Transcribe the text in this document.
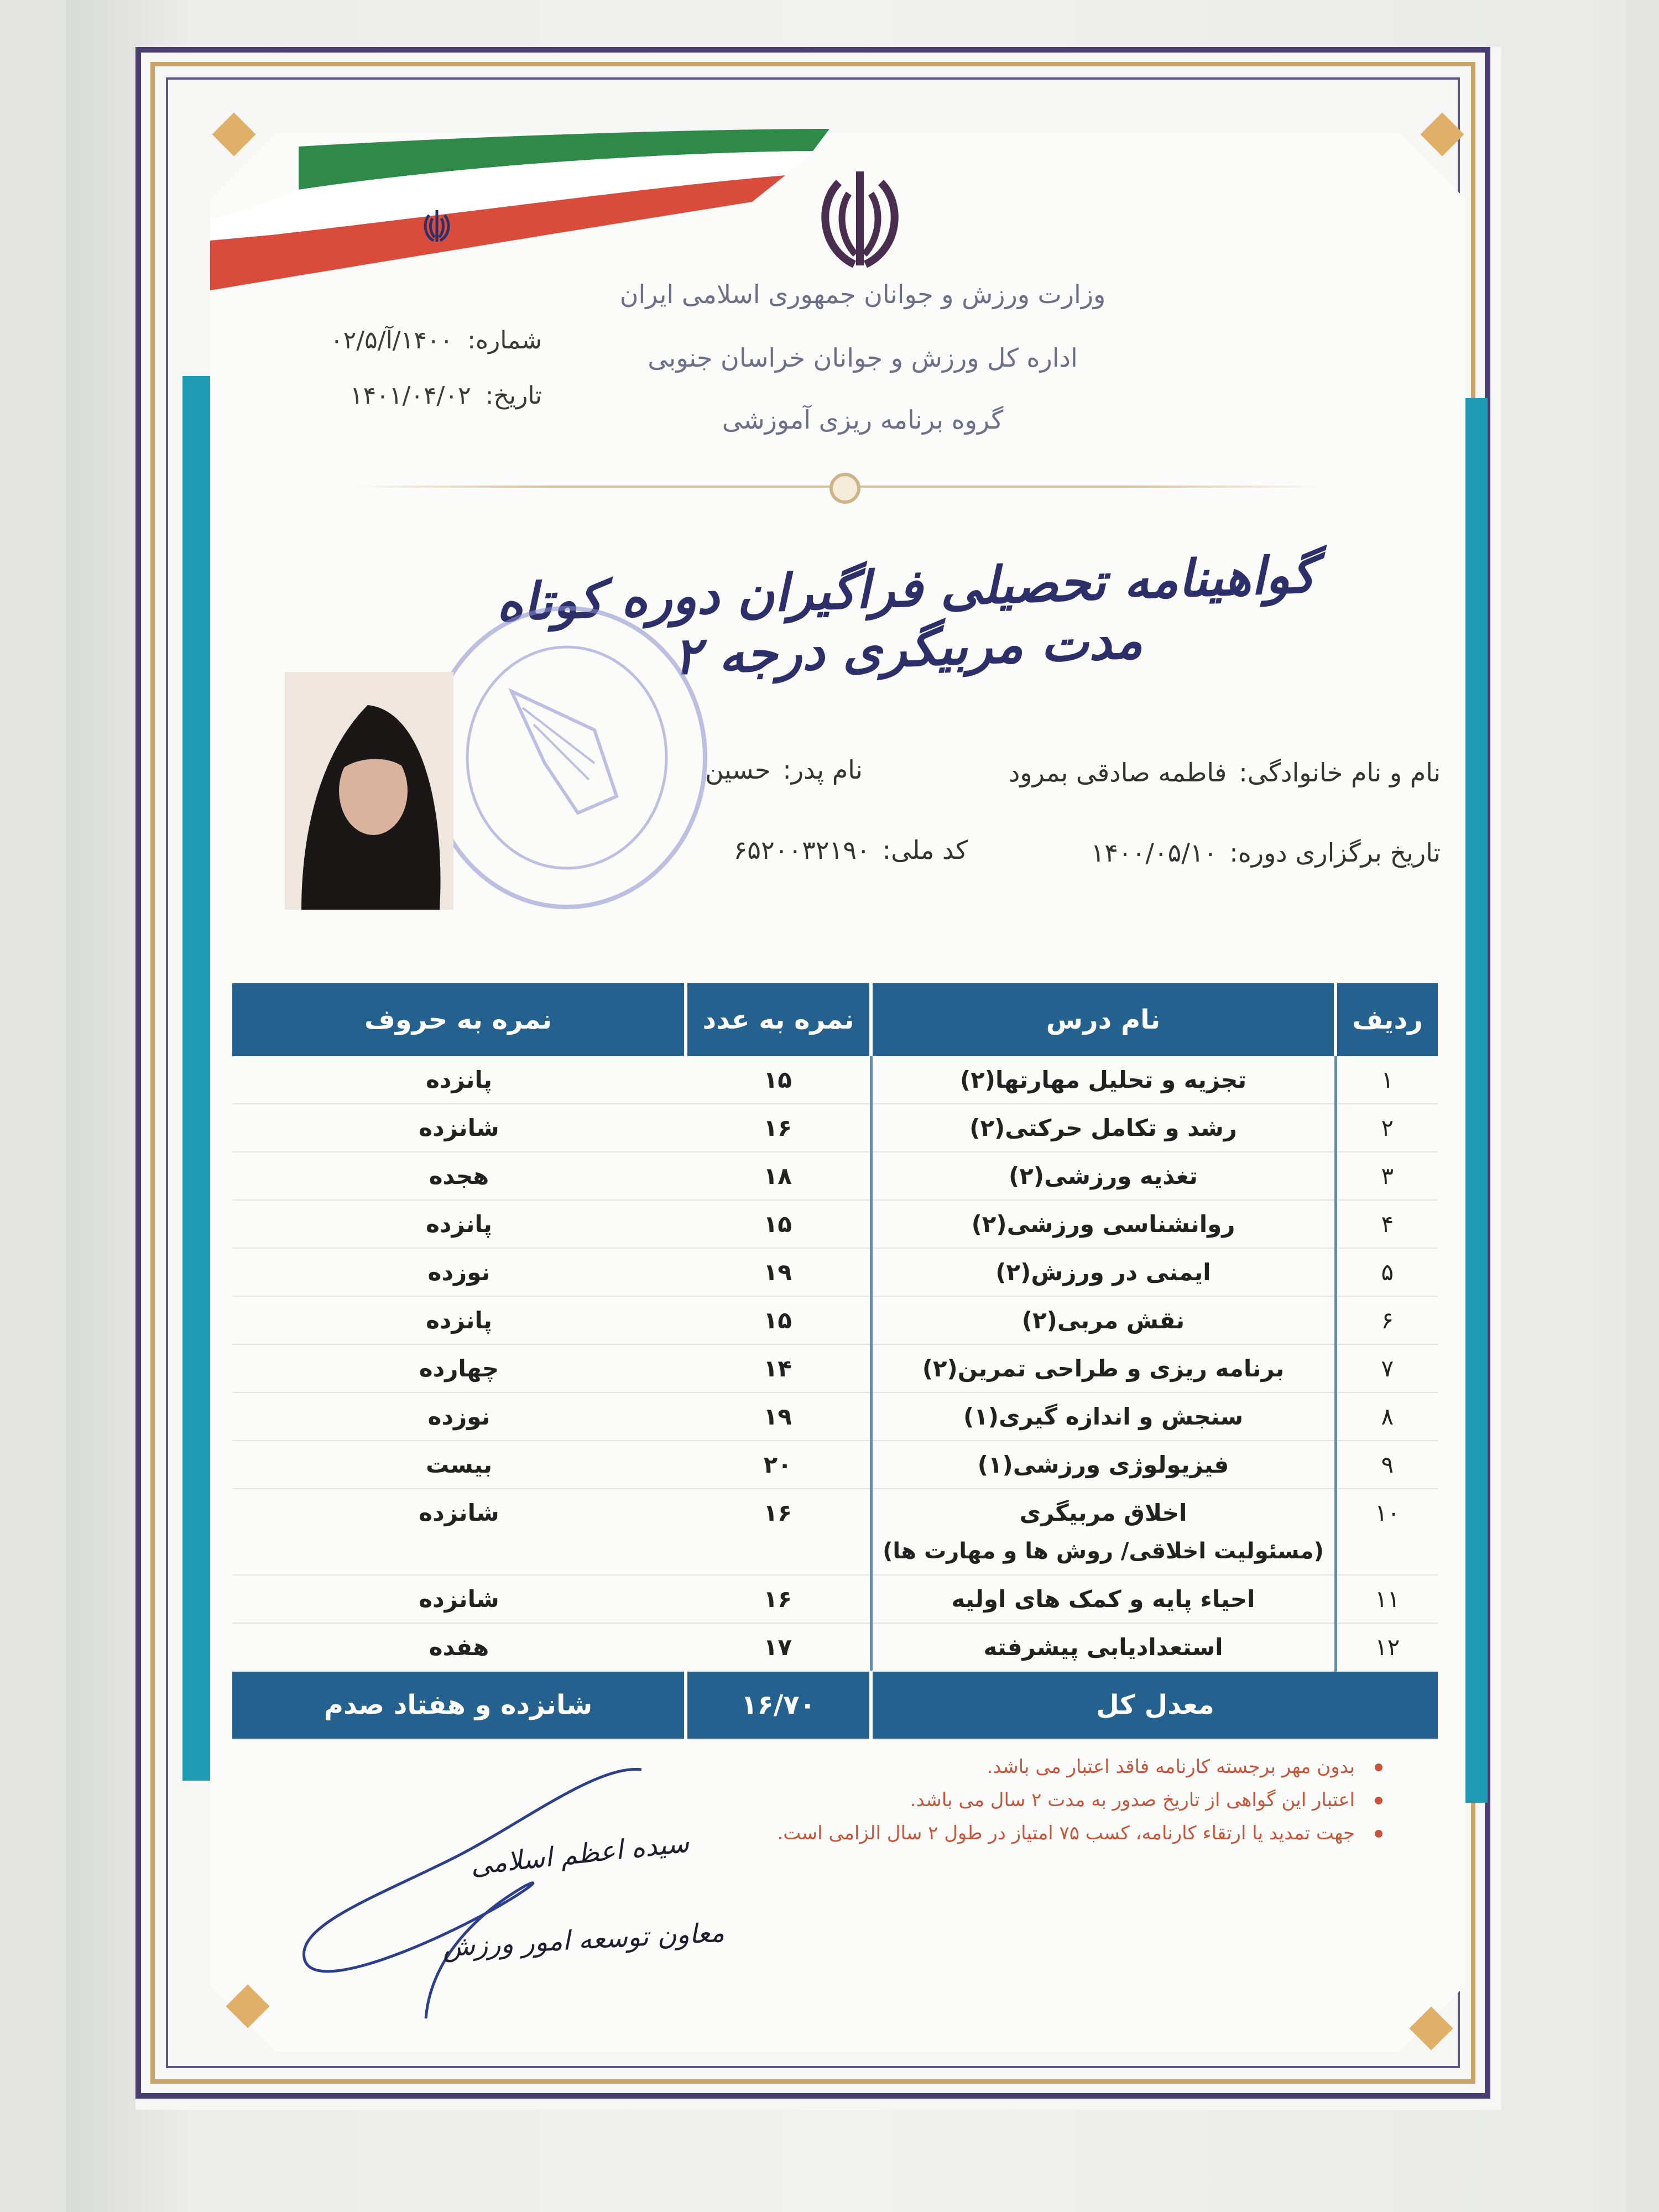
وزارت ورزش و جوانان جمهوری اسلامی ایران
اداره کل ورزش و جوانان خراسان جنوبی
گروه برنامه ریزی آموزشی
شماره: ۱۴۰۰/آ/۰۲/۵
تاریخ: ۱۴۰۱/۰۴/۰۲
گواهینامه تحصیلی فراگیران دوره کوتاه مدت مربیگری درجه ۲
نام و نام خانوادگی:فاطمه صادقی بمرود
نام پدر:حسین
تاریخ برگزاری دوره:۱۴۰۰/۰۵/۱۰
کد ملی:۶۵۲۰۰۳۲۱۹۰
ردیف	نام درس	نمره به عدد	نمره به حروف
۱	تجزیه و تحلیل مهارتها(۲)	۱۵	پانزده
۲	رشد و تکامل حرکتی(۲)	۱۶	شانزده
۳	تغذیه ورزشی(۲)	۱۸	هجده
۴	روانشناسی ورزشی(۲)	۱۵	پانزده
۵	ایمنی در ورزش(۲)	۱۹	نوزده
۶	نقش مربی(۲)	۱۵	پانزده
۷	برنامه ریزی و طراحی تمرین(۲)	۱۴	چهارده
۸	سنجش و اندازه گیری(۱)	۱۹	نوزده
۹	فیزیولوژی ورزشی(۱)	۲۰	بیست
۱۰	اخلاق مربیگری
(مسئولیت اخلاقی/ روش ها و مهارت ها)	۱۶	شانزده
۱۱	احیاء پایه و کمک های اولیه	۱۶	شانزده
۱۲	استعدادیابی پیشرفته	۱۷	هفده
معدل کل		۱۶/۷۰	شانزده و هفتاد صدم
بدون مهر برجسته کارنامه فاقد اعتبار می باشد.
اعتبار این گواهی از تاریخ صدور به مدت ۲ سال می باشد.
جهت تمدید یا ارتقاء کارنامه، کسب ۷۵ امتیاز در طول ۲ سال الزامی است.
سیده اعظم اسلامی
معاون توسعه امور ورزش
